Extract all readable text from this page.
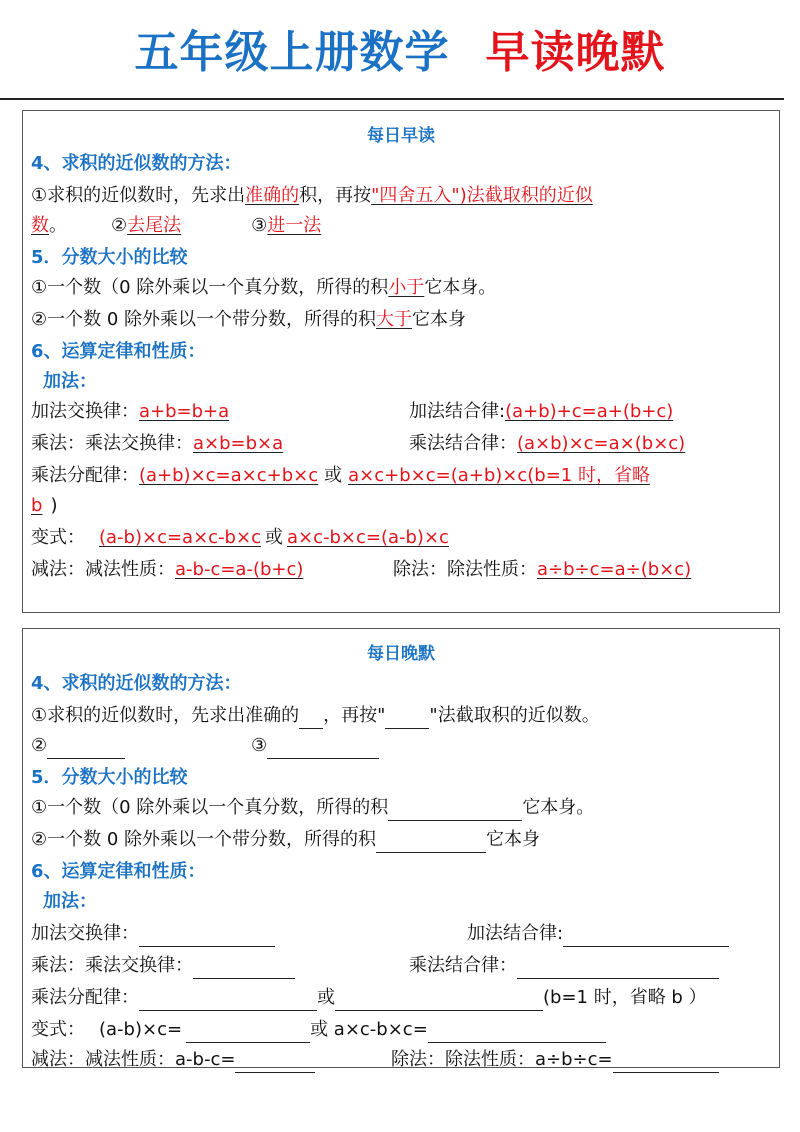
五年级上册数学 早读晚默
每日早读
4、求积的近似数的方法：
①求积的近似数时，先求出准确的积，再按"四舍五入")法截取积的近似
数。 ②去尾法	③进一法
5．分数大小的比较
①一个数（0 除外乘以一个真分数，所得的积小于它本身。
②一个数 0 除外乘以一个带分数，所得的积大于它本身
6、运算定律和性质：
加法：
加法交换律：a+b=b+a	加法结合律:(a+b)+c=a+(b+c)
乘法：乘法交换律：a×b=b×a	乘法结合律：(a×b)×c=a×(b×c)
乘法分配律：(a+b)×c=a×c+b×c 或 a×c+b×c=(a+b)×c(b=1 时，省略
b )
变式： (a-b)×c=a×c-b×c 或 a×c-b×c=(a-b)×c
减法：减法性质：a-b-c=a-(b+c)	除法：除法性质：a÷b÷c=a÷(b×c)
每日晚默
4、求积的近似数的方法：
①求积的近似数时，先求出准确的 ，再按" "法截取积的近似数。
②	③
5．分数大小的比较
①一个数（0 除外乘以一个真分数，所得的积	它本身。
②一个数 0 除外乘以一个带分数，所得的积	它本身
6、运算定律和性质：
加法：
加法交换律：	加法结合律:
乘法：乘法交换律：	乘法结合律：
乘法分配律：	或	(b=1 时，省略 b ）
变式： (a-b)×c=	或 a×c-b×c=
减法：减法性质：a-b-c=	除法：除法性质：a÷b÷c=
